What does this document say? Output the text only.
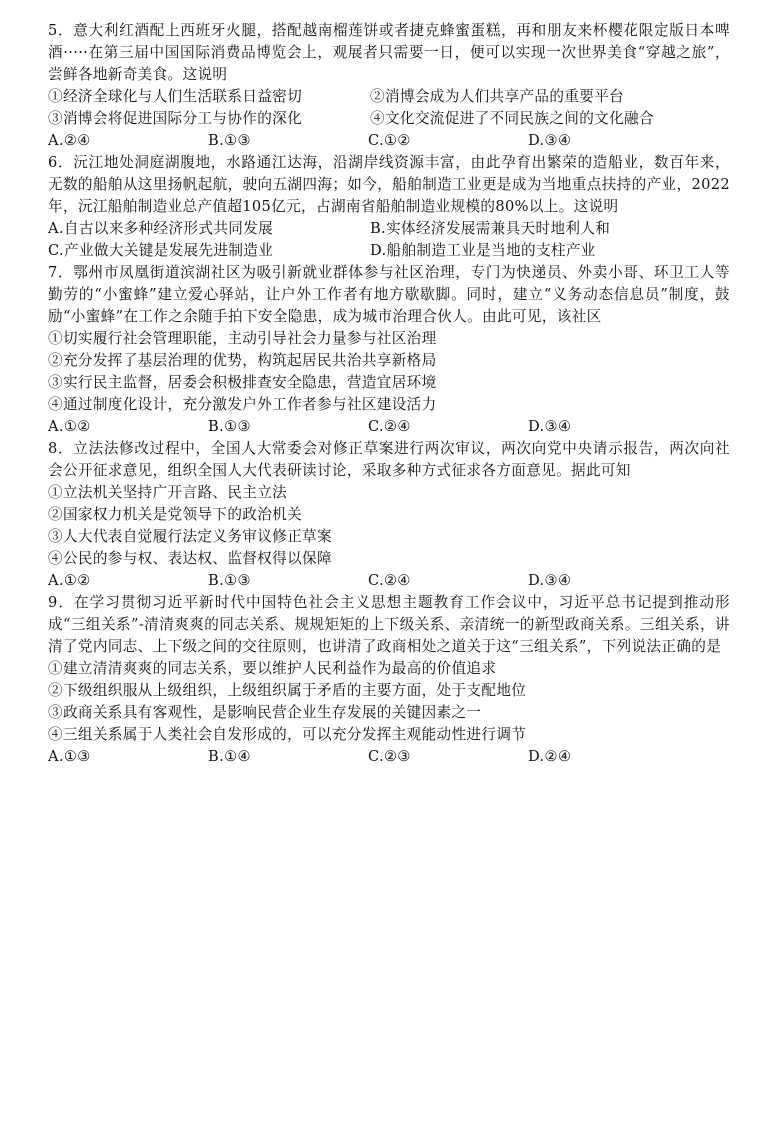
5．意大利红酒配上西班牙火腿，搭配越南榴莲饼或者捷克蜂蜜蛋糕，再和朋友来杯樱花限定版日本啤酒·····在第三届中国国际消费品博览会上，观展者只需要一日，便可以实现一次世界美食“穿越之旅”，尝鲜各地新奇美食。这说明

①经济全球化与人们生活联系日益密切	②消博会成为人们共享产品的重要平台
③消博会将促进国际分工与协作的深化	④文化交流促进了不同民族之间的文化融合
A.②④	B.①③	C.①②	D.③④

6．沅江地处洞庭湖腹地，水路通江达海，沿湖岸线资源丰富，由此孕育出繁荣的造船业，数百年来，无数的船舶从这里扬帆起航，驶向五湖四海；如今，船舶制造工业更是成为当地重点扶持的产业，2022年，沅江船舶制造业总产值超105亿元，占湖南省船舶制造业规模的80%以上。这说明

A.自古以来多种经济形式共同发展	B.实体经济发展需兼具天时地利人和
C.产业做大关键是发展先进制造业	D.船舶制造工业是当地的支柱产业

7．鄂州市凤凰街道滨湖社区为吸引新就业群体参与社区治理，专门为快递员、外卖小哥、环卫工人等勤劳的“小蜜蜂”建立爱心驿站，让户外工作者有地方歇歇脚。同时，建立“义务动态信息员”制度，鼓励“小蜜蜂”在工作之余随手拍下安全隐患，成为城市治理合伙人。由此可见，该社区

①切实履行社会管理职能，主动引导社会力量参与社区治理
②充分发挥了基层治理的优势，构筑起居民共治共享新格局
③实行民主监督，居委会积极排查安全隐患，营造宜居环境
④通过制度化设计，充分激发户外工作者参与社区建设活力
A.①②	B.①③	C.②④	D.③④

8．立法法修改过程中，全国人大常委会对修正草案进行两次审议，两次向党中央请示报告，两次向社会公开征求意见，组织全国人大代表研读讨论，采取多种方式征求各方面意见。据此可知

①立法机关坚持广开言路、民主立法
②国家权力机关是党领导下的政治机关
③人大代表自觉履行法定义务审议修正草案
④公民的参与权、表达权、监督权得以保障
A.①②	B.①③	C.②④	D.③④

9．在学习贯彻习近平新时代中国特色社会主义思想主题教育工作会议中，习近平总书记提到推动形成“三组关系”-清清爽爽的同志关系、规规矩矩的上下级关系、亲清统一的新型政商关系。三组关系，讲清了党内同志、上下级之间的交往原则，也讲清了政商相处之道关于这“三组关系”，下列说法正确的是

①建立清清爽爽的同志关系，要以维护人民利益作为最高的价值追求
②下级组织服从上级组织，上级组织属于矛盾的主要方面，处于支配地位
③政商关系具有客观性，是影响民营企业生存发展的关键因素之一
④三组关系属于人类社会自发形成的，可以充分发挥主观能动性进行调节
A.①③	B.①④	C.②③	D.②④
